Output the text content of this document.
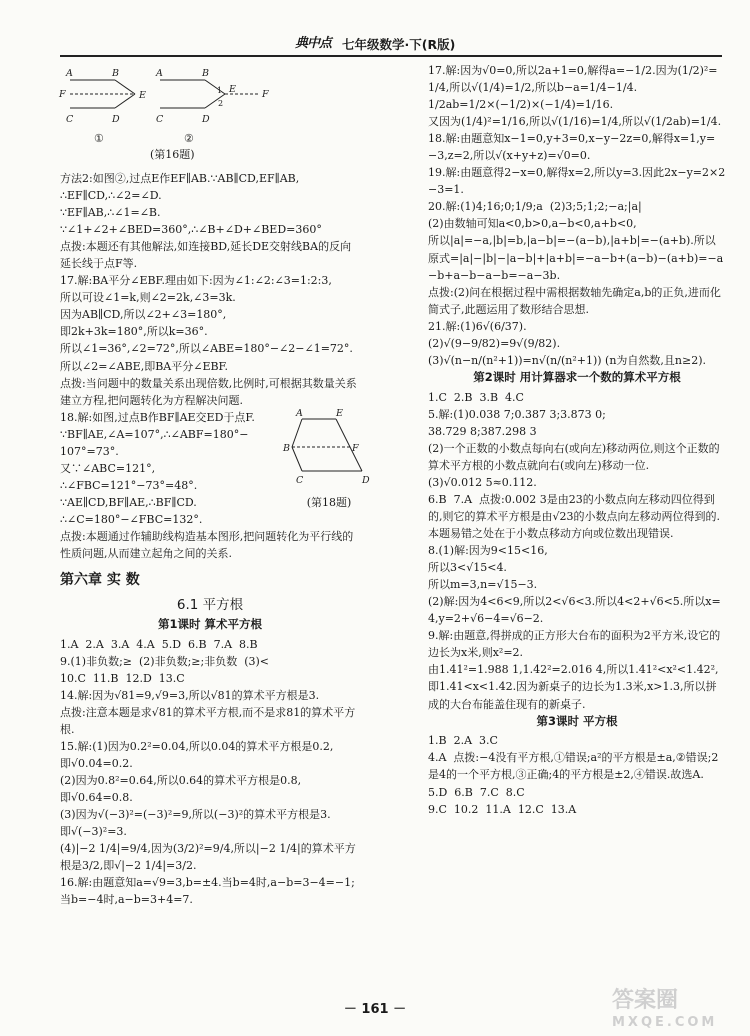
典中点 七年级数学·下(R版)
A	B
F	E
C	D
A	B
E	F
C	D
1
2
①	②
(第16题)

方法2:如图②,过点E作EF∥AB.∵AB∥CD,EF∥AB,

∴EF∥CD,∴∠2=∠D.

∵EF∥AB,∴∠1=∠B.

∵∠1+∠2+∠BED=360°,∴∠B+∠D+∠BED=360°

点拨:本题还有其他解法,如连接BD,延长DE交射线BA的反向延长线于点F等.

17.解:BA平分∠EBF.理由如下:因为∠1:∠2:∠3=1:2:3,

所以可设∠1=k,则∠2=2k,∠3=3k.

因为AB∥CD,所以∠2+∠3=180°,

即2k+3k=180°,所以k=36°.

所以∠1=36°,∠2=72°,所以∠ABE=180°−∠2−∠1=72°.

所以∠2=∠ABE,即BA平分∠EBF.

点拨:当问题中的数量关系出现倍数,比例时,可根据其数量关系建立方程,把问题转化为方程解决问题.

18.解:如图,过点B作BF∥AE交ED于点F.

∵BF∥AE,∠A=107°,∴∠ABF=180°−

107°=73°.

又∵∠ABC=121°,

∴∠FBC=121°−73°=48°.

∵AE∥CD,BF∥AE,∴BF∥CD.

∴∠C=180°−∠FBC=132°.

A	E
B	F
C	D
(第18题)

点拨:本题通过作辅助线构造基本图形,把问题转化为平行线的性质问题,从而建立起角之间的关系.

第六章 实 数
6.1 平方根
第1课时 算术平方根

1.A  2.A  3.A  4.A  5.D  6.B  7.A  8.B

9.(1)非负数;≥  (2)非负数;≥;非负数  (3)<

10.C  11.B  12.D  13.C

14.解:因为√81=9,√9=3,所以√81的算术平方根是3.

点拨:注意本题是求√81的算术平方根,而不是求81的算术平方根.

15.解:(1)因为0.2²=0.04,所以0.04的算术平方根是0.2,

即√0.04=0.2.

(2)因为0.8²=0.64,所以0.64的算术平方根是0.8,

即√0.64=0.8.

(3)因为√(−3)²=(−3)²=9,所以(−3)²的算术平方根是3.

即√(−3)²=3.

(4)|−2 1/4|=9/4,因为(3/2)²=9/4,所以|−2 1/4|的算术平方根是3/2,即√|−2 1/4|=3/2.

16.解:由题意知a=√9=3,b=±4.当b=4时,a−b=3−4=−1;

当b=−4时,a−b=3+4=7.

17.解:因为√0=0,所以2a+1=0,解得a=−1/2.因为(1/2)²=1/4,所以√(1/4)=1/2,所以b−a=1/4−1/4.

1/2ab=1/2×(−1/2)×(−1/4)=1/16.

又因为(1/4)²=1/16,所以√(1/16)=1/4,所以√(1/2ab)=1/4.

18.解:由题意知x−1=0,y+3=0,x−y−2z=0,解得x=1,y=−3,z=2,所以√(x+y+z)=√0=0.

19.解:由题意得2−x=0,解得x=2,所以y=3.因此2x−y=2×2−3=1.

20.解:(1)4;16;0;1/9;a  (2)3;5;1;2;−a;|a|

(2)由数轴可知a<0,b>0,a−b<0,a+b<0,

所以|a|=−a,|b|=b,|a−b|=−(a−b),|a+b|=−(a+b).所以原式=|a|−|b|−|a−b|+|a+b|=−a−b+(a−b)−(a+b)=−a−b+a−b−a−b=−a−3b.

点拨:(2)问在根据过程中需根据数轴先确定a,b的正负,进而化简式子,此题运用了数形结合思想.

21.解:(1)6√(6/37).

(2)√(9−9/82)=9√(9/82).

(3)√(n−n/(n²+1))=n√(n/(n²+1)) (n为自然数,且n≥2).

第2课时 用计算器求一个数的算术平方根

1.C  2.B  3.B  4.C

5.解:(1)0.038 7;0.387 3;3.873 0;

38.729 8;387.298 3

(2)一个正数的小数点每向右(或向左)移动两位,则这个正数的算术平方根的小数点就向右(或向左)移动一位.

(3)√0.012 5≈0.112.

6.B  7.A  点拨:0.002 3是由23的小数点向左移动四位得到的,则它的算术平方根是由√23的小数点向左移动两位得到的.本题易错之处在于小数点移动方向或位数出现错误.

8.(1)解:因为9<15<16,

所以3<√15<4.

所以m=3,n=√15−3.

(2)解:因为4<6<9,所以2<√6<3.所以4<2+√6<5.所以x=4,y=2+√6−4=√6−2.

9.解:由题意,得拼成的正方形大台布的面积为2平方米,设它的边长为x米,则x²=2.

由1.41²=1.988 1,1.42²=2.016 4,所以1.41²<x²<1.42²,即1.41<x<1.42.因为新桌子的边长为1.3米,x>1.3,所以拼成的大台布能盖住现有的新桌子.

第3课时 平方根

1.B  2.A  3.C

4.A  点拨:−4没有平方根,①错误;a²的平方根是±a,②错误;2是4的一个平方根,③正确;4的平方根是±2,④错误.故选A.

5.D  6.B  7.C  8.C

9.C  10.2  11.A  12.C  13.A

－ 161 －	答案圈
MXQE.COM
